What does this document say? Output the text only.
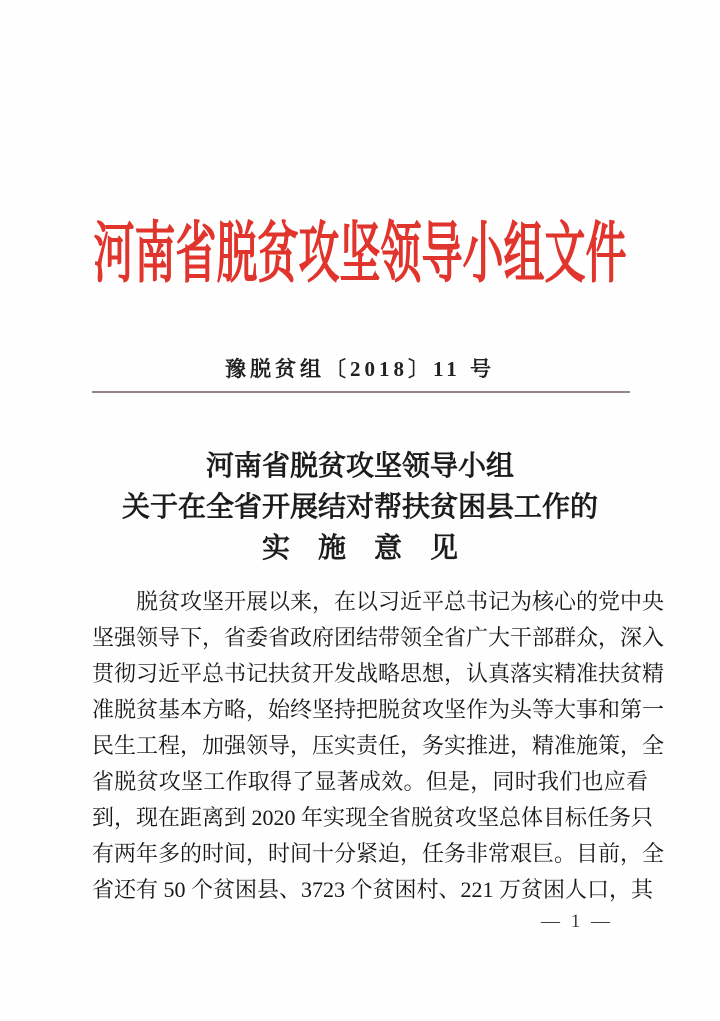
河南省脱贫攻坚领导小组文件
豫脱贫组〔2018〕11 号
河南省脱贫攻坚领导小组
关于在全省开展结对帮扶贫困县工作的
实施意见
脱贫攻坚开展以来，在以习近平总书记为核心的党中央
坚强领导下，省委省政府团结带领全省广大干部群众，深入
贯彻习近平总书记扶贫开发战略思想，认真落实精准扶贫精
准脱贫基本方略，始终坚持把脱贫攻坚作为头等大事和第一
民生工程，加强领导，压实责任，务实推进，精准施策，全
省脱贫攻坚工作取得了显著成效。但是，同时我们也应看
到，现在距离到 2020 年实现全省脱贫攻坚总体目标任务只
有两年多的时间，时间十分紧迫，任务非常艰巨。目前，全
省还有 50 个贫困县、3723 个贫困村、221 万贫困人口，其
— 1 —
